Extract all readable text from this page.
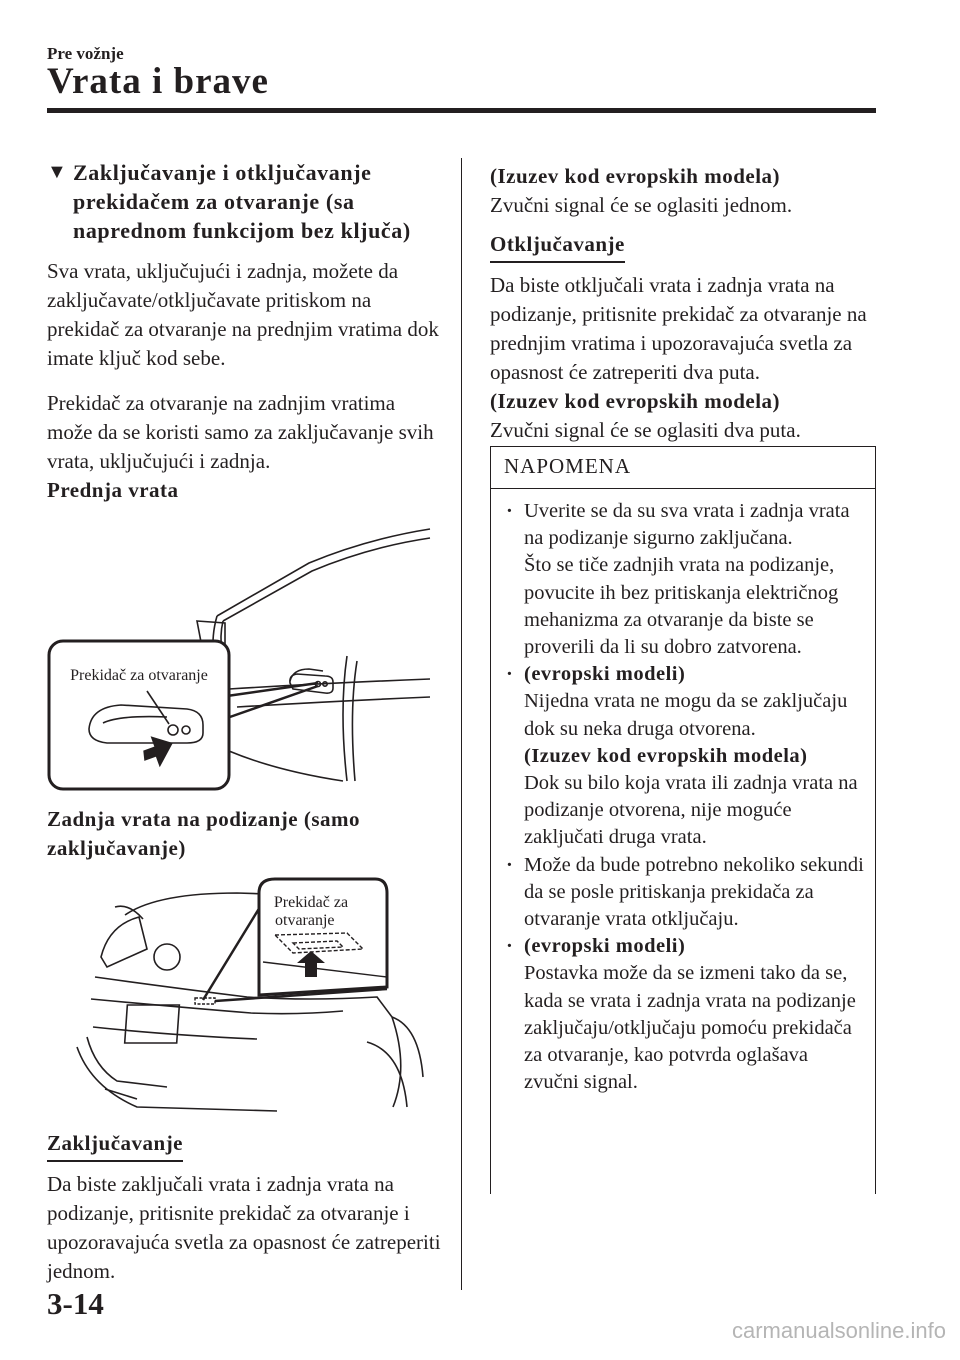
Pre vožnje
Vrata i brave
▼ Zaključavanje i otključavanje prekidačem za otvaranje (sa naprednom funkcijom bez ključa)

Sva vrata, uključujući i zadnja, možete da zaključavate/otključavate pritiskom na prekidač za otvaranje na prednjim vratima dok imate ključ kod sebe.

Prekidač za otvaranje na zadnjim vratima može da se koristi samo za zaključavanje svih vrata, uključujući i zadnja.

Prednja vrata
Prekidač za otvaranje
Zadnja vrata na podizanje (samo zaključavanje)
Prekidač za
otvaranje
Zaključavanje

Da biste zaključali vrata i zadnja vrata na podizanje, pritisnite prekidač za otvaranje i upozoravajuća svetla za opasnost će zatreperiti jednom.

(Izuzev kod evropskih modela)

Zvučni signal će se oglasiti jednom.

Otključavanje

Da biste otključali vrata i zadnja vrata na podizanje, pritisnite prekidač za otvaranje na prednjim vratima i upozoravajuća svetla za opasnost će zatreperiti dva puta.

(Izuzev kod evropskih modela)

Zvučni signal će se oglasiti dva puta.

NAPOMENA
· Uverite se da su sva vrata i zadnja vrata na podizanje sigurno zaključana.

Što se tiče zadnjih vrata na podizanje, povucite ih bez pritiskanja električnog mehanizma za otvaranje da biste se proverili da li su dobro zatvorena.

· (evropski modeli)

Nijedna vrata ne mogu da se zaključaju dok su neka druga otvorena.

(Izuzev kod evropskih modela)

Dok su bilo koja vrata ili zadnja vrata na podizanje otvorena, nije moguće zaključati druga vrata.

· Može da bude potrebno nekoliko sekundi da se posle pritiskanja prekidača za otvaranje vrata otključaju.

· (evropski modeli)

Postavka može da se izmeni tako da se, kada se vrata i zadnja vrata na podizanje zaključaju/otključaju pomoću prekidača za otvaranje, kao potvrda oglašava zvučni signal.

3-14
carmanualsonline.info
